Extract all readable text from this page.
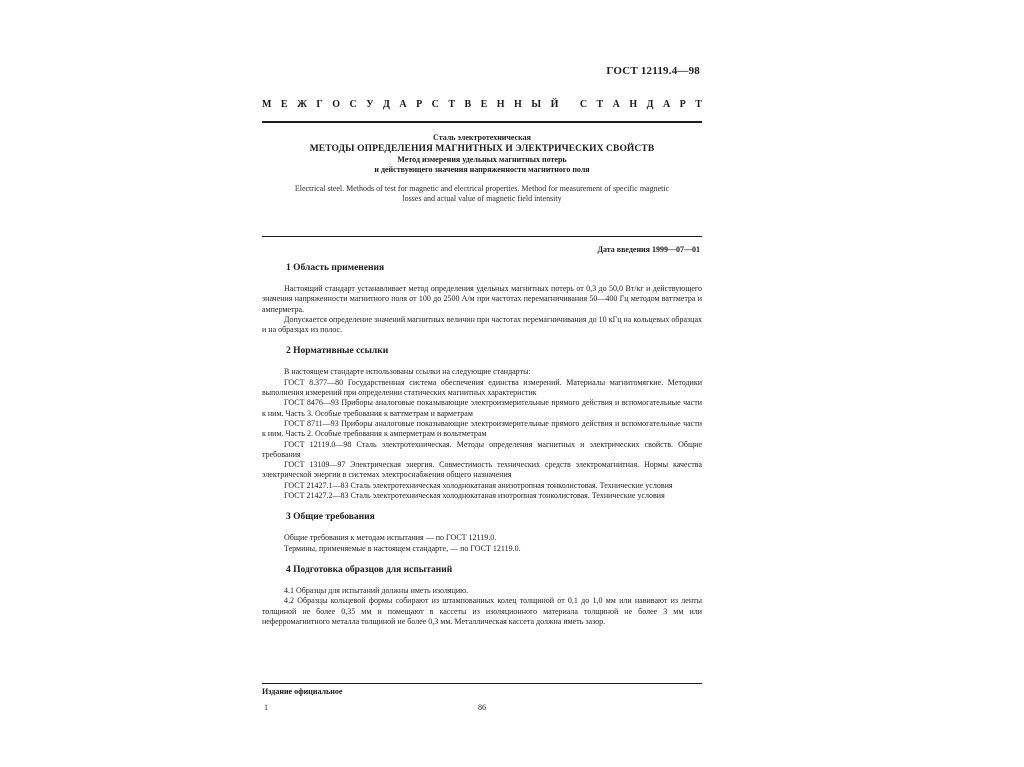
ГОСТ 12119.4—98
М Е Ж Г О С У Д А Р С Т В Е Н Н Ы Й
С Т А Н Д А Р Т
Сталь электротехническая
МЕТОДЫ ОПРЕДЕЛЕНИЯ МАГНИТНЫХ И ЭЛЕКТРИЧЕСКИХ СВОЙСТВ
Метод измерения удельных магнитных потерь
и действующего значения напряженности магнитного поля
Electrical steel. Methods of test for magnetic and electrical properties. Method for measurement of specific magnetic
losses and actual value of magnetic field intensity
Дата введения 1999—07—01
1 Область применения

Настоящий стандарт устанавливает метод определения удельных магнитных потерь от 0,3 до 50,0 Вт/кг и действующего значения напряженности магнитного поля от 100 до 2500 А/м при частотах перемагничивания 50—400 Гц методом ваттметра и амперметра.

Допускается определение значений магнитных величин при частотах перемагничивания до 10 кГц на кольцевых образцах и на образцах из полос.

2 Нормативные ссылки

В настоящем стандарте использованы ссылки на следующие стандарты:

ГОСТ 8.377—80 Государственная система обеспечения единства измерений. Материалы магнитомягкие. Методики выполнения измерений при определении статических магнитных характеристик

ГОСТ 8476—93 Приборы аналоговые показывающие электроизмерительные прямого действия и вспомогательные части к ним. Часть 3. Особые требования к ваттметрам и варметрам

ГОСТ 8711—93 Приборы аналоговые показывающие электроизмерительные прямого действия и вспомогательные части к ним. Часть 2. Особые требования к амперметрам и вольтметрам

ГОСТ 12119.0—98 Сталь электротехническая. Методы определения магнитных и электрических свойств. Общие требования

ГОСТ 13109—97 Электрическая энергия. Совместимость технических средств электромагнитная. Нормы качества электрической энергии в системах электроснабжения общего назначения

ГОСТ 21427.1—83 Сталь электротехническая холоднокатаная анизотропная тонколистовая. Технические условия

ГОСТ 21427.2—83 Сталь электротехническая холоднокатаная изотропная тонколистовая. Технические условия

3 Общие требования

Общие требования к методам испытания — по ГОСТ 12119.0.

Термины, применяемые в настоящем стандарте, — по ГОСТ 12119.0.

4 Подготовка образцов для испытаний

4.1 Образцы для испытаний должны иметь изоляцию.

4.2 Образцы кольцевой формы собирают из штампованных колец толщиной от 0,1 до 1,0 мм или навивают из ленты толщиной не более 0,35 мм и помещают в кассеты из изоляционного материала толщиной не более 3 мм или неферромагнитного металла толщиной не более 0,3 мм. Металлическая кассета должна иметь зазор.

Издание официальное
1	86
